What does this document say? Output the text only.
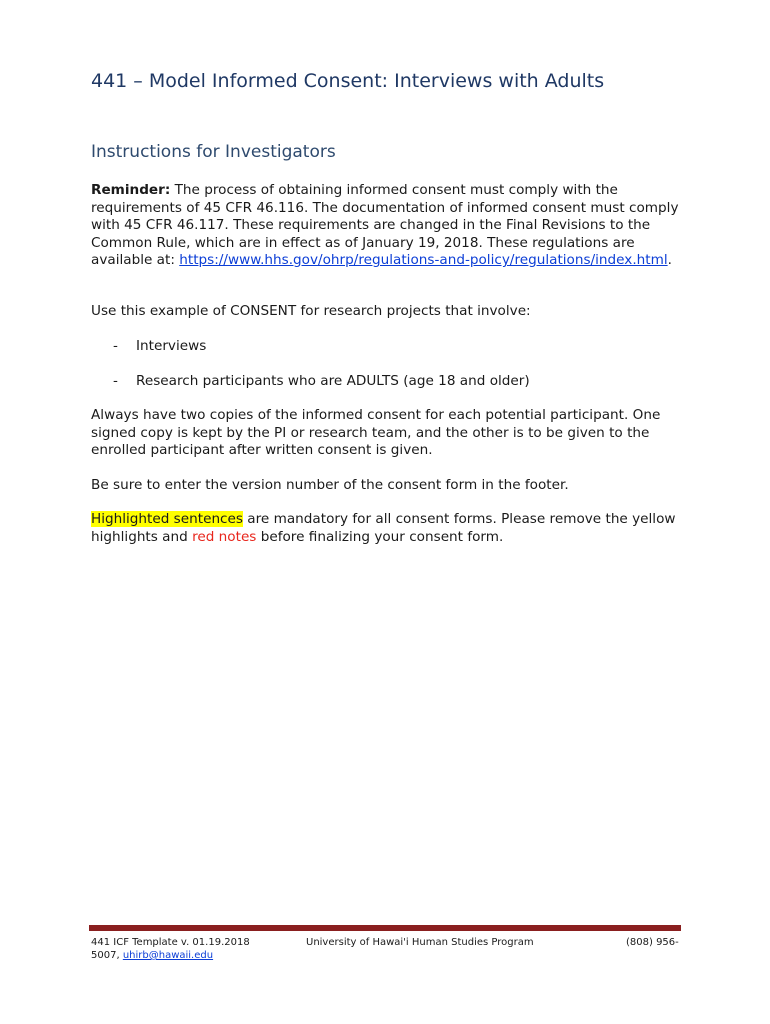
441 – Model Informed Consent: Interviews with Adults
Instructions for Investigators
Reminder: The process of obtaining informed consent must comply with the requirements of 45 CFR 46.116. The documentation of informed consent must comply with 45 CFR 46.117. These requirements are changed in the Final Revisions to the Common Rule, which are in effect as of January 19, 2018. These regulations are available at: https://www.hhs.gov/ohrp/regulations-and-policy/regulations/index.html.
Use this example of CONSENT for research projects that involve:
- Interviews
- Research participants who are ADULTS (age 18 and older)
Always have two copies of the informed consent for each potential participant. One signed copy is kept by the PI or research team, and the other is to be given to the enrolled participant after written consent is given.
Be sure to enter the version number of the consent form in the footer.
Highlighted sentences are mandatory for all consent forms. Please remove the yellow highlights and red notes before finalizing your consent form.
441 ICF Template v. 01.19.2018	University of Hawai'i Human Studies Program	(808) 956-
5007, uhirb@hawaii.edu
